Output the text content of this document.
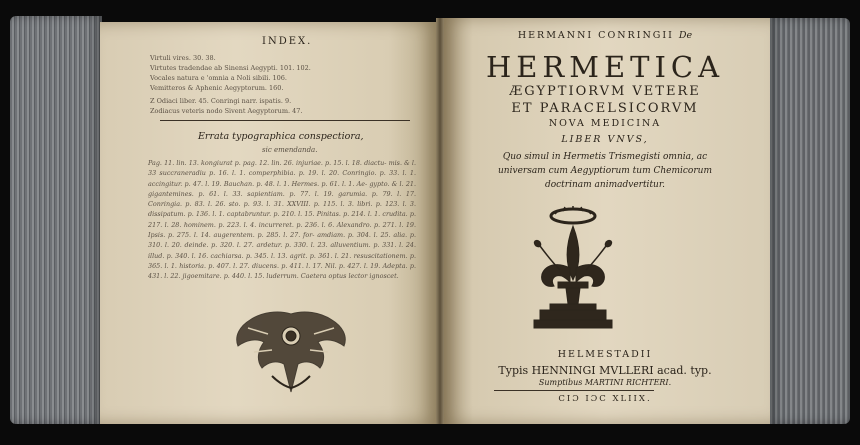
INDEX.
Virtuli vires. 30. 38.
Virtutes tradendae ab Sinensi Aegypti. 101. 102.
Vocales natura e 'omnia a Noli sibili. 106.
Vemitteros & Aphenic Aegyptorum. 160.
Z Odiaci liber. 45. Conringi narr. ispatis. 9.
Zodiacus veteris nodo Sivent Aegyptorum. 47.
Errata typographica conspectiora,
sic emendanda.
Pag. 11. lin. 13. kongiurat p. pag. 12. lin. 26. injuriae. p. 15. l. 18. diactu- mis. & l. 33 succraneradiu p. 16. l. 1. comperphibia. p. 19. l. 20. Conringio. p. 33. l. 1. accingitur. p. 47. l. 19. Bauchan. p. 48. l. 1. Hermes. p. 61. l. 1. Ae- gypto. & l. 21. gigantemines. p. 61. l. 33. sapientiam. p. 77. l. 19. garumia. p. 79. l. 17. Conringia. p. 83. l. 26. sto. p. 93. l. 31. XXVIII. p. 115. l. 3. libri. p. 123. l. 3. dissipatum. p. 136. l. 1. captabruntur. p. 210. l. 15. Pinitas. p. 214. l. 1. crudita. p. 217. l. 28. hominem. p. 223. l. 4. incurreret. p. 236. l. 6. Alexandro. p. 271. l. 19. Ipsis. p. 275. l. 14. augerentem. p. 285. l. 27. for- amdiam. p. 304. l. 25. alia. p. 310. l. 20. deinde. p. 320. l. 27. ardetur. p. 330. l. 23. alluventium. p. 331. l. 24. illud. p. 340. l. 16. cachiarsa. p. 345. l. 13. agrit. p. 361. l. 21. resuscitationem. p. 365. l. 1. historia. p. 407. l. 27. diucens. p. 411. l. 17. Nil. p. 427. l. 19. Adepta. p. 431. l. 22. jigoemitare. p. 440. l. 15. luderrum. Caetera optus lector ignoscet.
HERMANNI CONRINGII De
HERMETICA
ÆGYPTIORVM VETERE
ET PARACELSICORVM
NOVA MEDICINA
LIBER VNVS,
Quo simul in Hermetis Trismegisti omnia, ac
universam cum Aegyptiorum tum Chemicorum
doctrinam animadvertitur.
HELMESTADII
Typis HENNINGI MVLLERI acad. typ.
Sumptibus MARTINI RICHTERI.
CIƆ IƆC XLIIX.
